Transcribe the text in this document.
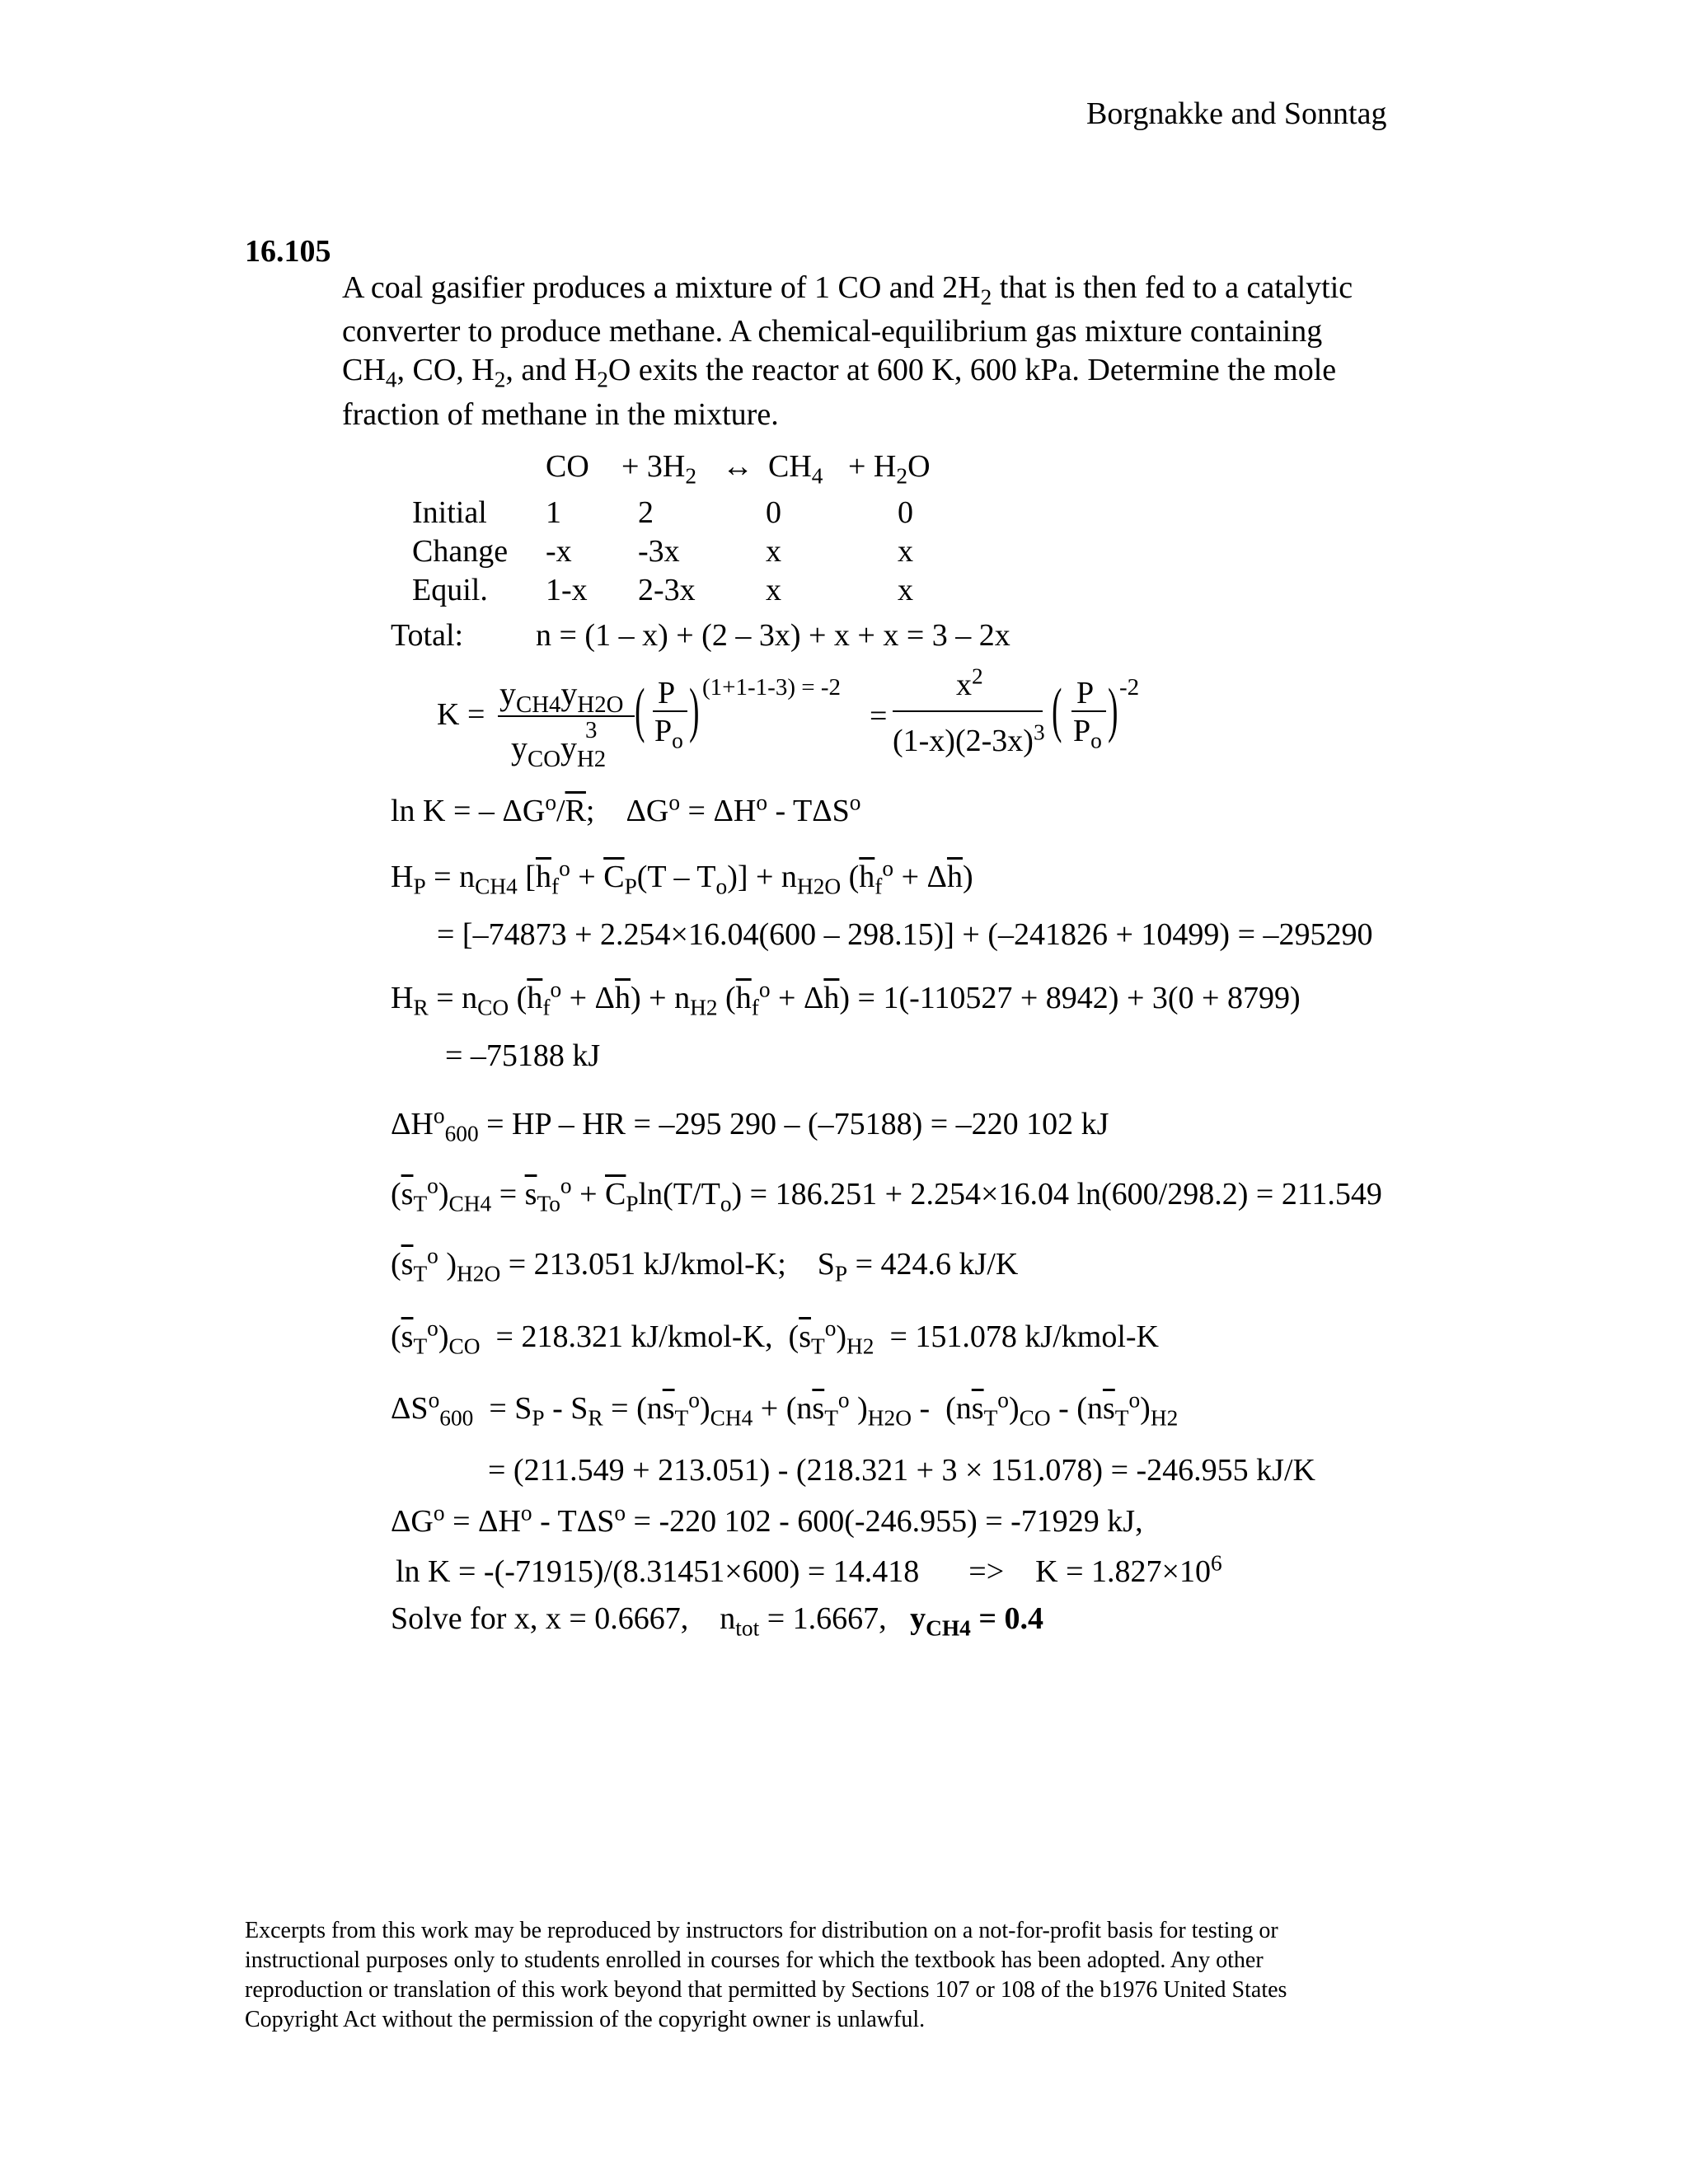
Borgnakke and Sonntag
16.105
A coal gasifier produces a mixture of 1 CO and $2H_2$ that is then fed to a catalytic
converter to produce methane. A chemical-equilibrium gas mixture containing
$CH_4$, CO, $H_2$, and $H_2O$ exits the reactor at 600 K, 600 kPa. Determine the mole
fraction of methane in the mixture.
CO + $3H_2$ ↔ $CH_4 + H_2O$
Initial	1	2	0	0
Change	-x	-3x	x	x
Equil.	1-x	2-3x	x	x
Total: n = (1 – x) + (2 – 3x) + x + x = 3 – 2x
K =
$y_{CH4}y_{H2O}$
3
$y_{CO}y_{H2}$
( P
$P_o$ ) (1+1-1-3) = -2
=
$x^2$
$(1-x)(2-3x)^3$ ( P
$P_o$ ) -2
ln K = – $\Delta G^o/\overline{R}$;    $\Delta G^o = \Delta H^o - T\Delta S^o$
$H_P = n_{CH4}$ $[\overline{h}_f^o + \overline{C}_P(T - T_o)] + n_{H2O}$ $(\overline{h}_f^o + \Delta\overline{h})$
= [–74873 + 2.254×16.04(600 – 298.15)] + (–241826 + 10499) = –295290
$H_R = n_{CO}$ $(\overline{h}_f^o + \Delta\overline{h}) + n_{H2}$ $(\overline{h}_f^o + \Delta\overline{h}) = 1(-110527 + 8942) + 3(0 + 8799)$
= –75188 kJ
$\Delta H^o_{600}$ = HP – HR = –295 290 – (–75188) = –220 102 kJ
$(\overline{s}_T^o)_{CH4} = \overline{s}_{To}^o + \overline{C}_P\ln(T/T_o) = 186.251 + 2.254\times 16.04$ ln(600/298.2) = 211.549
($\overline{s}_T^o$ )$_{H2O} = 213.051$ kJ/kmol-K;    $S_P = 424.6$ kJ/K
$(\overline{s}_T^o)_{CO} = 218.321$ kJ/kmol-K,  $(\overline{s}_T^o)_{H2} = 151.078$ kJ/kmol-K
$\Delta S^o_{600} = S_P - S_R = (n\overline{s}_T^o)_{CH4} + (n\overline{s}_T^o$ )$_{H2O} - (n\overline{s}_T^o)_{CO} - (n\overline{s}_T^o)_{H2}$
= (211.549 + 213.051) - (218.321 + 3 × 151.078) = -246.955 kJ/K
$\Delta G^o = \Delta H^o - T\Delta S^o = -220$ 102 - 600(-246.955) = -71929 kJ,
ln K = -(-71915)/(8.31451×600) = 14.418 =>    $K = 1.827\times 10^6$
Solve for x, x = 0.6667,    $n_{tot} = 1.6667$, $y_{CH4} = 0.4$
Excerpts from this work may be reproduced by instructors for distribution on a not-for-profit basis for testing or
instructional purposes only to students enrolled in courses for which the textbook has been adopted. Any other
reproduction or translation of this work beyond that permitted by Sections 107 or 108 of the b1976 United States
Copyright Act without the permission of the copyright owner is unlawful.
